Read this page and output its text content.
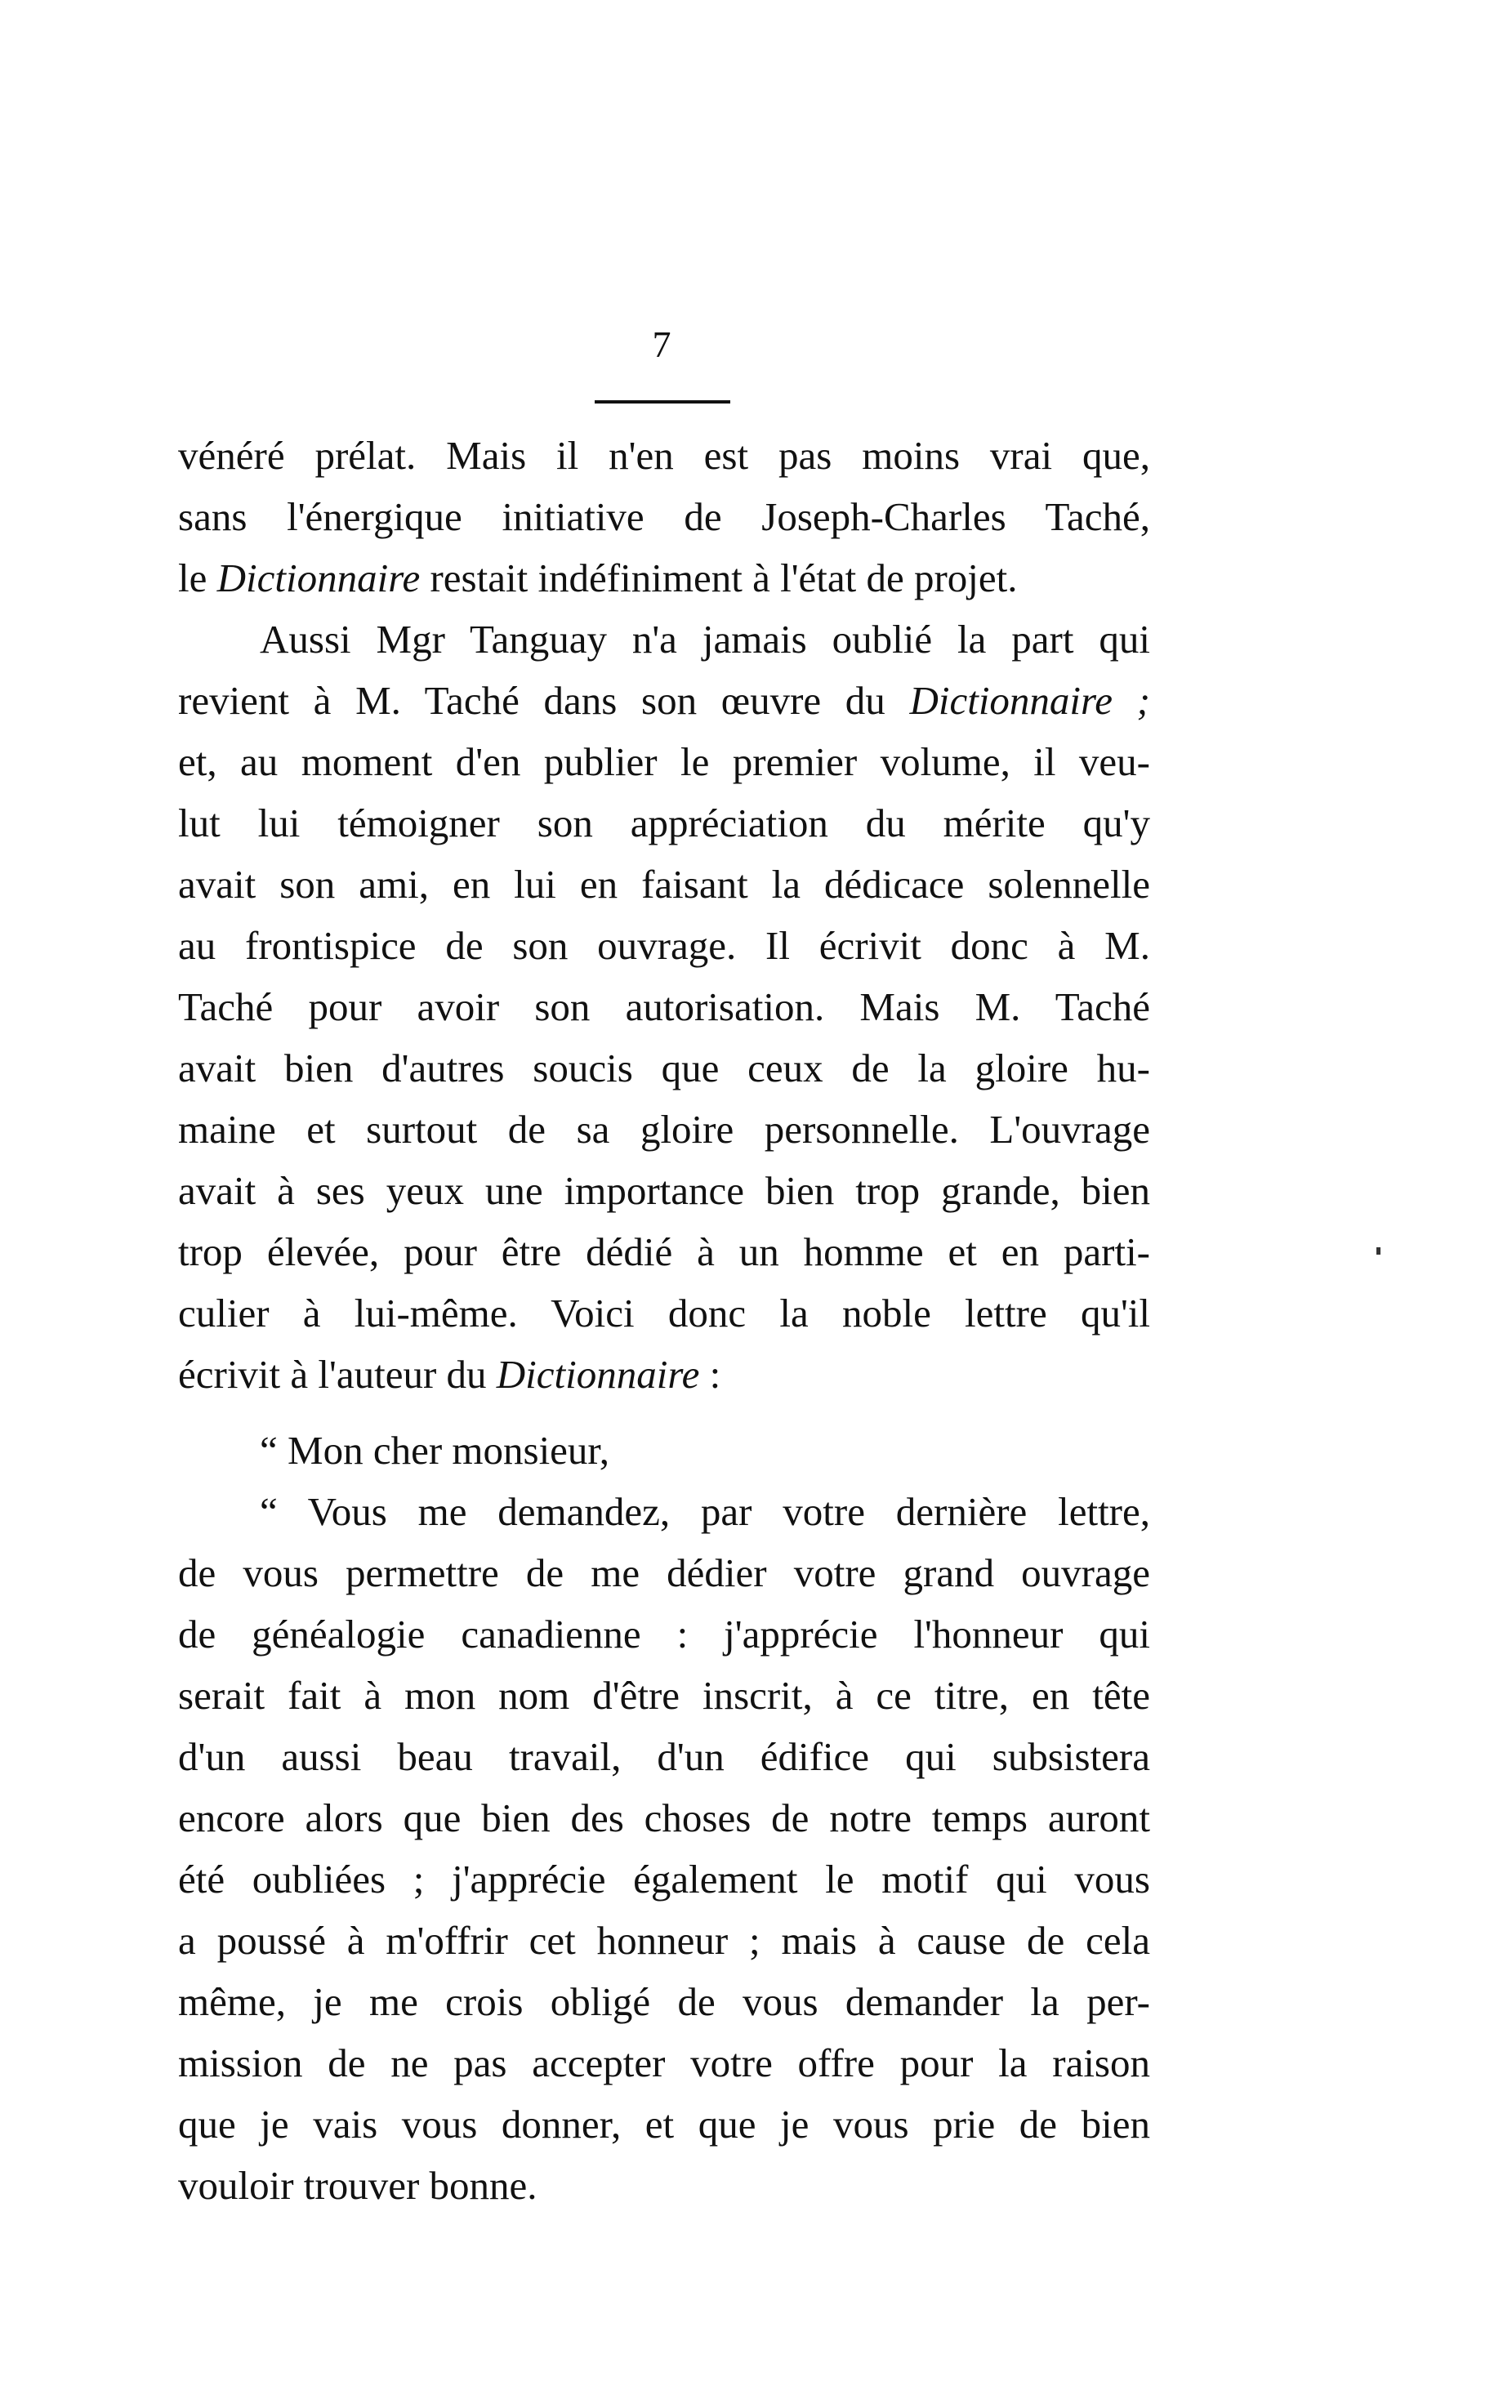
7
vénéré prélat. Mais il n'en est pas moins vrai que,
sans l'énergique initiative de Joseph-Charles Taché,
le Dictionnaire restait indéfiniment à l'état de projet.
Aussi Mgr Tanguay n'a jamais oublié la part qui
revient à M. Taché dans son œuvre du Dictionnaire ;
et, au moment d'en publier le premier volume, il veu-
lut lui témoigner son appréciation du mérite qu'y
avait son ami, en lui en faisant la dédicace solennelle
au frontispice de son ouvrage. Il écrivit donc à M.
Taché pour avoir son autorisation. Mais M. Taché
avait bien d'autres soucis que ceux de la gloire hu-
maine et surtout de sa gloire personnelle. L'ouvrage
avait à ses yeux une importance bien trop grande, bien
trop élevée, pour être dédié à un homme et en parti-
culier à lui-même. Voici donc la noble lettre qu'il
écrivit à l'auteur du Dictionnaire :
“ Mon cher monsieur,
“ Vous me demandez, par votre dernière lettre,
de vous permettre de me dédier votre grand ouvrage
de généalogie canadienne : j'apprécie l'honneur qui
serait fait à mon nom d'être inscrit, à ce titre, en tête
d'un aussi beau travail, d'un édifice qui subsistera
encore alors que bien des choses de notre temps auront
été oubliées ; j'apprécie également le motif qui vous
a poussé à m'offrir cet honneur ; mais à cause de cela
même, je me crois obligé de vous demander la per-
mission de ne pas accepter votre offre pour la raison
que je vais vous donner, et que je vous prie de bien
vouloir trouver bonne.
